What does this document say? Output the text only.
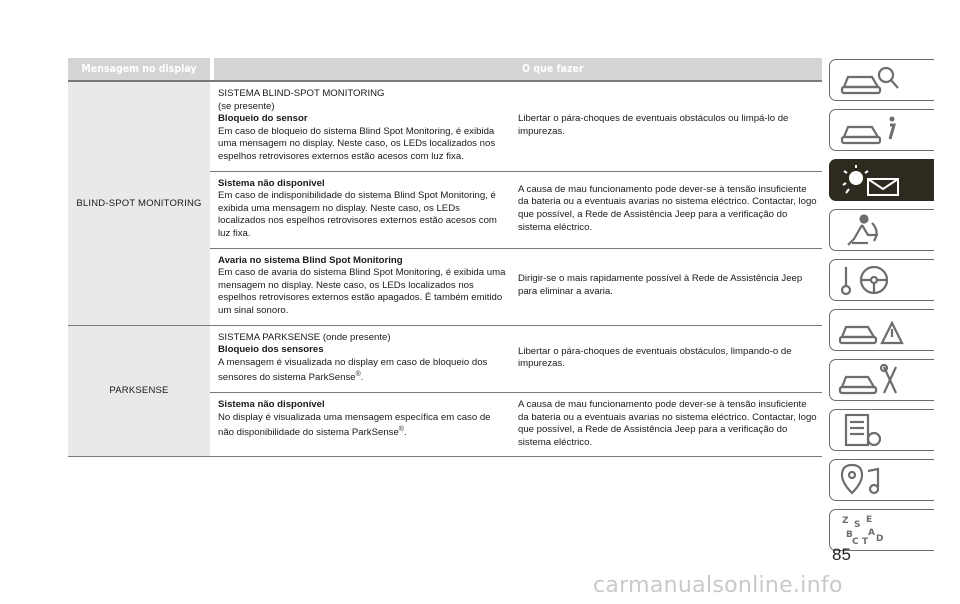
Mensagem no display	O que fazer
BLIND-SPOT MONITORING
SISTEMA BLIND-SPOT MONITORING
(se presente)
Bloqueio do sensor
Em caso de bloqueio do sistema Blind Spot Monitoring, é exibida uma mensagem no display. Neste caso, os LEDs localizados nos espelhos retrovisores externos estão acesos com luz fixa.
Libertar o pára-choques de eventuais obstáculos ou limpá-lo de impurezas.
Sistema não disponível
Em caso de indisponibilidade do sistema Blind Spot Monitoring, é exibida uma mensagem no display. Neste caso, os LEDs localizados nos espelhos retrovisores externos estão acesos com luz fixa.
A causa de mau funcionamento pode dever-se à tensão insuficiente da bateria ou a eventuais avarias no sistema eléctrico. Contactar, logo que possível, a Rede de Assistência Jeep para a verificação do sistema eléctrico.
Avaria no sistema Blind Spot Monitoring
Em caso de avaria do sistema Blind Spot Monitoring, é exibida uma mensagem no display. Neste caso, os LEDs localizados nos espelhos retrovisores externos estão apagados. É também emitido um sinal sonoro.
Dirigir-se o mais rapidamente possível à Rede de Assistência Jeep para eliminar a avaria.
PARKSENSE
SISTEMA PARKSENSE (onde presente)
Bloqueio dos sensores
A mensagem é visualizada no display em caso de bloqueio dos sensores do sistema ParkSense®.
Libertar o pára-choques de eventuais obstáculos, limpando-o de impurezas.
Sistema não disponível
No display é visualizada uma mensagem específica em caso de não disponibilidade do sistema ParkSense®.
A causa de mau funcionamento pode dever-se à tensão insuficiente da bateria ou a eventuais avarias no sistema eléctrico. Contactar, logo que possível, a Rede de Assistência Jeep para a verificação do sistema eléctrico.
Z E
S
B A
C T D
85
carmanualsonline.info
